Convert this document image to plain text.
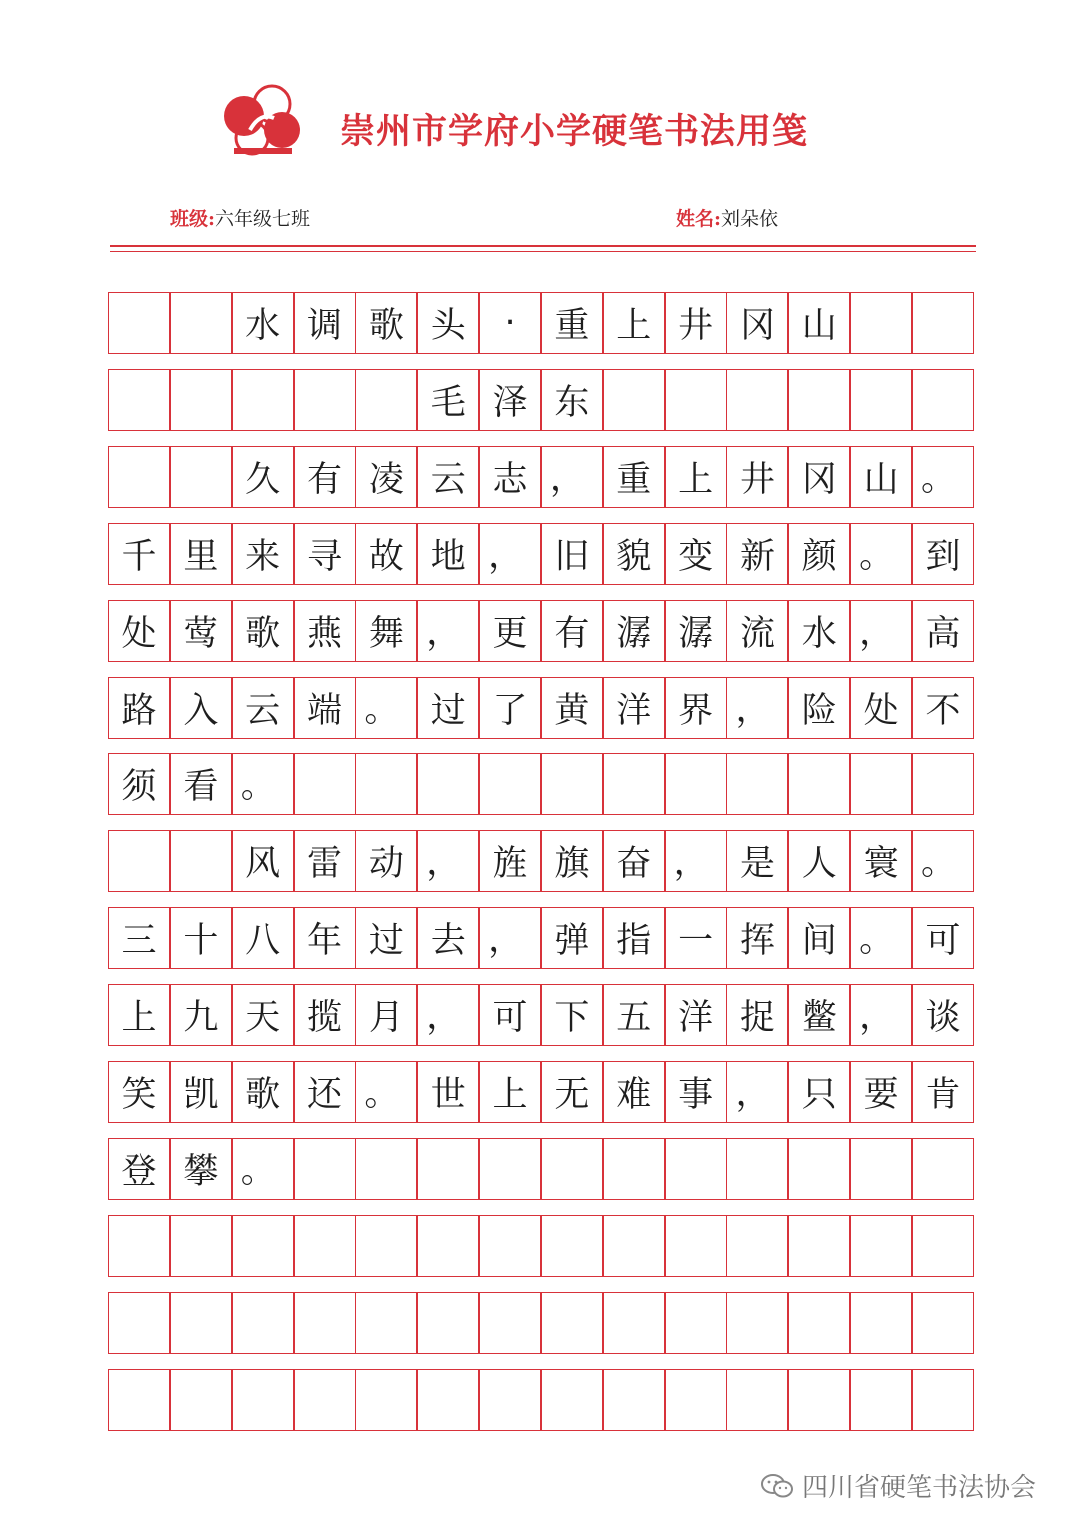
崇州市学府小学硬笔书法用笺
班级:六年级七班	姓名:刘朵依
水 调 歌 头	·	重 上 井 冈 山
毛 泽 东
久 有 凌 云 志 ， 重 上 井 冈 山 。
千 里 来 寻 故 地 ， 旧 貌 变 新 颜 。 到
处 莺 歌 燕 舞 ， 更 有 潺 潺 流 水 ， 高
路 入 云 端 。 过 了 黄 洋 界 ， 险 处 不
须 看 。
风 雷 动 ， 旌 旗 奋 ， 是 人 寰 。
三 十 八 年 过 去 ， 弹 指 一 挥 间 。 可
上 九 天 揽 月 ， 可 下 五 洋 捉 鳖 ， 谈
笑 凯 歌 还 。 世 上 无 难 事 ， 只 要 肯
登 攀 。
四川省硬笔书法协会
